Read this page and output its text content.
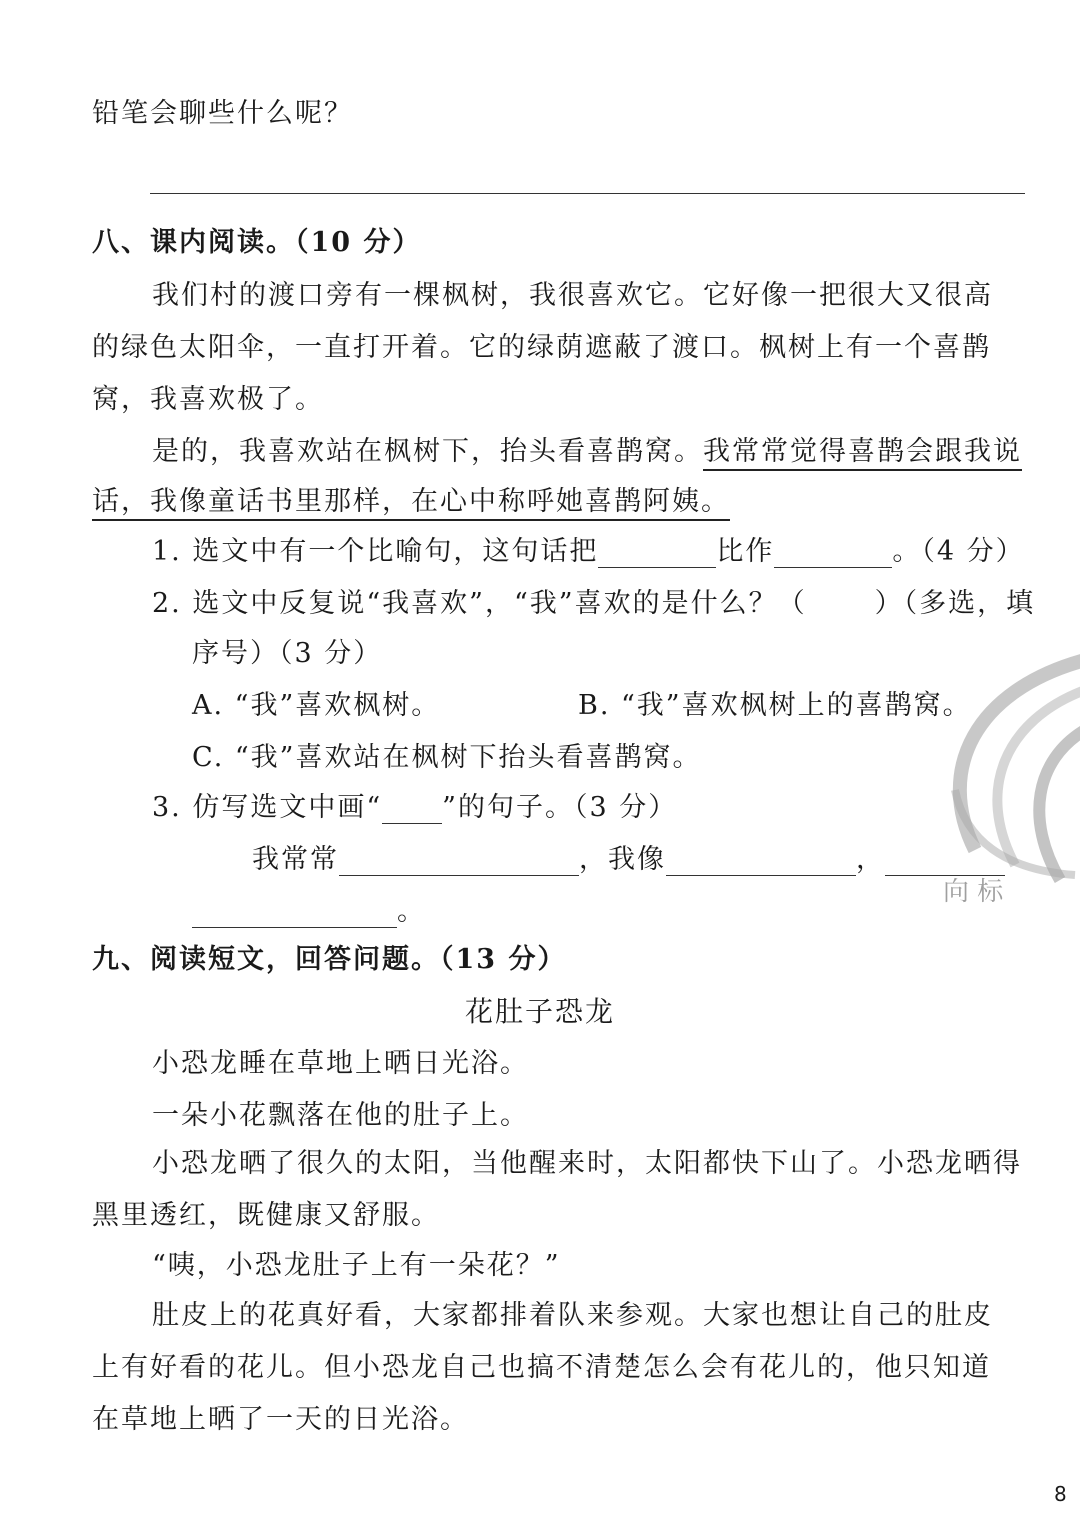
铅笔会聊些什么呢？
八、课内阅读。（10 分）
我们村的渡口旁有一棵枫树，我很喜欢它。它好像一把很大又很高
的绿色太阳伞，一直打开着。它的绿荫遮蔽了渡口。枫树上有一个喜鹊
窝，我喜欢极了。
是的，我喜欢站在枫树下，抬头看喜鹊窝。我常常觉得喜鹊会跟我说
话，我像童话书里那样，在心中称呼她喜鹊阿姨。
1. 选文中有一个比喻句，这句话把	比作	。（4 分）
2. 选文中反复说“我喜欢”，“我”喜欢的是什么？（	）（多选，填
序号）（3 分）
A. “我”喜欢枫树。	B. “我”喜欢枫树上的喜鹊窝。
C. “我”喜欢站在枫树下抬头看喜鹊窝。
3. 仿写选文中画“ ”的句子。（3 分）
我常常	，我像	，
。
向 标
九、阅读短文，回答问题。（13 分）
花肚子恐龙
小恐龙睡在草地上晒日光浴。
一朵小花飘落在他的肚子上。
小恐龙晒了很久的太阳，当他醒来时，太阳都快下山了。小恐龙晒得
黑里透红，既健康又舒服。
“咦，小恐龙肚子上有一朵花？”
肚皮上的花真好看，大家都排着队来参观。大家也想让自己的肚皮
上有好看的花儿。但小恐龙自己也搞不清楚怎么会有花儿的，他只知道
在草地上晒了一天的日光浴。
8
